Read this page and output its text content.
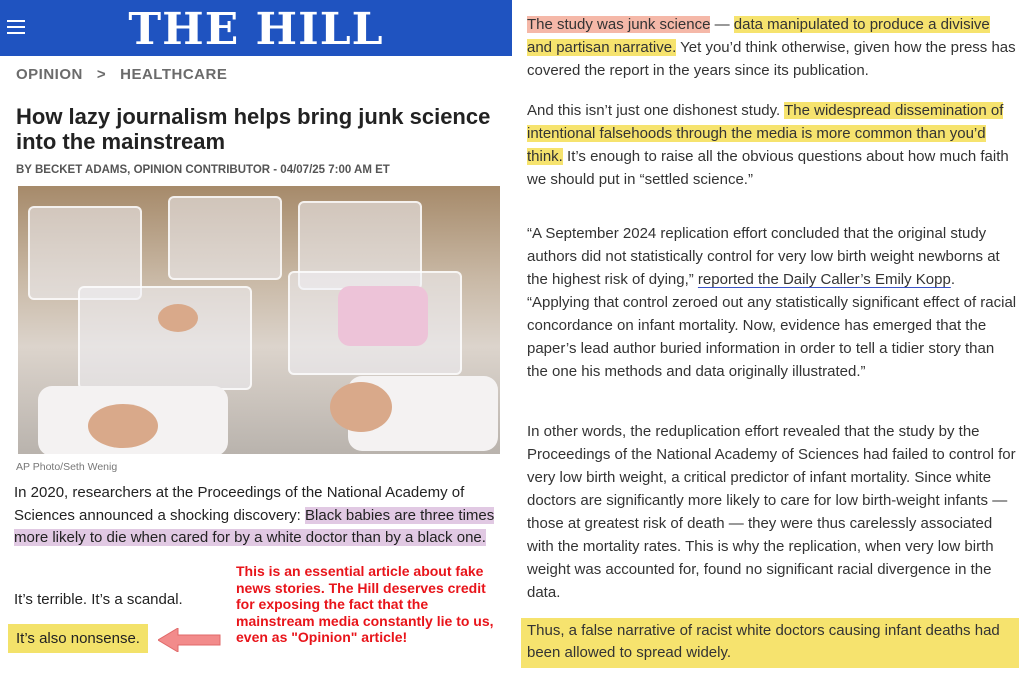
THE HILL
OPINION > HEALTHCARE
How lazy journalism helps bring junk science into the mainstream
BY BECKET ADAMS, OPINION CONTRIBUTOR - 04/07/25 7:00 AM ET
AP Photo/Seth Wenig
In 2020, researchers at the Proceedings of the National Academy of Sciences announced a shocking discovery: Black babies are three times more likely to die when cared for by a white doctor than by a black one.
It’s terrible. It’s a scandal.
It’s also nonsense.
This is an essential article about fake news stories. The Hill deserves credit for exposing the fact that the mainstream media constantly lie to us, even as "Opinion" article!
The study was junk science — data manipulated to produce a divisive and partisan narrative. Yet you’d think otherwise, given how the press has covered the report in the years since its publication.
And this isn’t just one dishonest study. The widespread dissemination of intentional falsehoods through the media is more common than you’d think. It’s enough to raise all the obvious questions about how much faith we should put in “settled science.”
“A September 2024 replication effort concluded that the original study authors did not statistically control for very low birth weight newborns at the highest risk of dying,” reported the Daily Caller’s Emily Kopp. “Applying that control zeroed out any statistically significant effect of racial concordance on infant mortality. Now, evidence has emerged that the paper’s lead author buried information in order to tell a tidier story than the one his methods and data originally illustrated.”
In other words, the reduplication effort revealed that the study by the Proceedings of the National Academy of Sciences had failed to control for very low birth weight, a critical predictor of infant mortality. Since white doctors are significantly more likely to care for low birth-weight infants — those at greatest risk of death — they were thus carelessly associated with the mortality rates. This is why the replication, when very low birth weight was accounted for, found no significant racial divergence in the data.
Thus, a false narrative of racist white doctors causing infant deaths had been allowed to spread widely.
